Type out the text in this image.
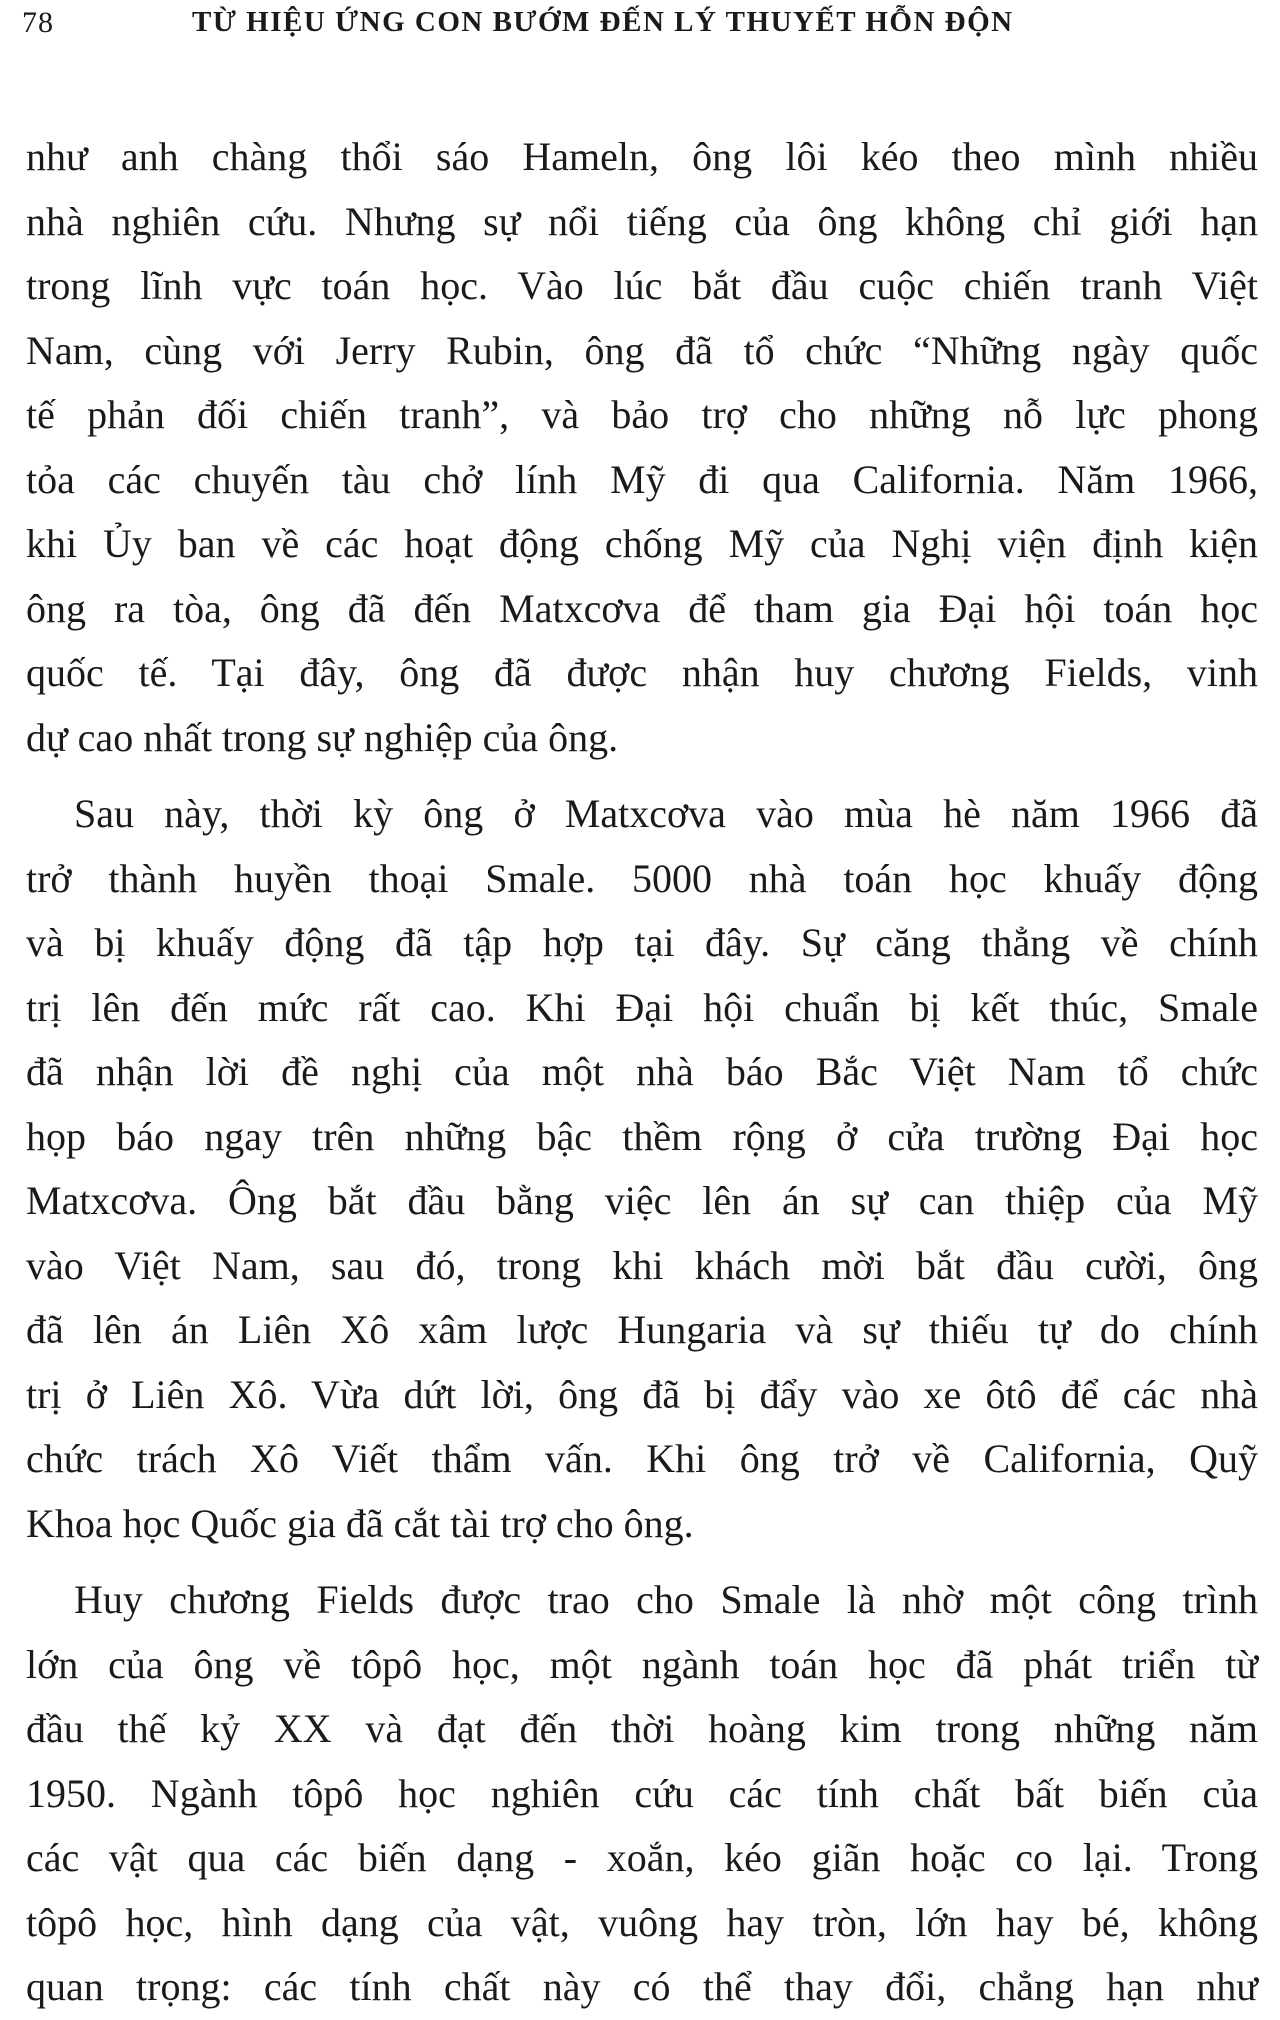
78	TỪ HIỆU ỨNG CON BƯỚM ĐẾN LÝ THUYẾT HỖN ĐỘN

như anh chàng thổi sáo Hameln, ông lôi kéo theo mình nhiều
nhà nghiên cứu. Nhưng sự nổi tiếng của ông không chỉ giới hạn
trong lĩnh vực toán học. Vào lúc bắt đầu cuộc chiến tranh Việt
Nam, cùng với Jerry Rubin, ông đã tổ chức “Những ngày quốc
tế phản đối chiến tranh”, và bảo trợ cho những nỗ lực phong
tỏa các chuyến tàu chở lính Mỹ đi qua California. Năm 1966,
khi Ủy ban về các hoạt động chống Mỹ của Nghị viện định kiện
ông ra tòa, ông đã đến Matxcơva để tham gia Đại hội toán học
quốc tế. Tại đây, ông đã được nhận huy chương Fields, vinh
dự cao nhất trong sự nghiệp của ông.

Sau này, thời kỳ ông ở Matxcơva vào mùa hè năm 1966 đã
trở thành huyền thoại Smale. 5000 nhà toán học khuấy động
và bị khuấy động đã tập hợp tại đây. Sự căng thẳng về chính
trị lên đến mức rất cao. Khi Đại hội chuẩn bị kết thúc, Smale
đã nhận lời đề nghị của một nhà báo Bắc Việt Nam tổ chức
họp báo ngay trên những bậc thềm rộng ở cửa trường Đại học
Matxcơva. Ông bắt đầu bằng việc lên án sự can thiệp của Mỹ
vào Việt Nam, sau đó, trong khi khách mời bắt đầu cười, ông
đã lên án Liên Xô xâm lược Hungaria và sự thiếu tự do chính
trị ở Liên Xô. Vừa dứt lời, ông đã bị đẩy vào xe ôtô để các nhà
chức trách Xô Viết thẩm vấn. Khi ông trở về California, Quỹ
Khoa học Quốc gia đã cắt tài trợ cho ông.

Huy chương Fields được trao cho Smale là nhờ một công trình
lớn của ông về tôpô học, một ngành toán học đã phát triển từ
đầu thế kỷ XX và đạt đến thời hoàng kim trong những năm
1950. Ngành tôpô học nghiên cứu các tính chất bất biến của
các vật qua các biến dạng - xoắn, kéo giãn hoặc co lại. Trong
tôpô học, hình dạng của vật, vuông hay tròn, lớn hay bé, không
quan trọng: các tính chất này có thể thay đổi, chẳng hạn như
